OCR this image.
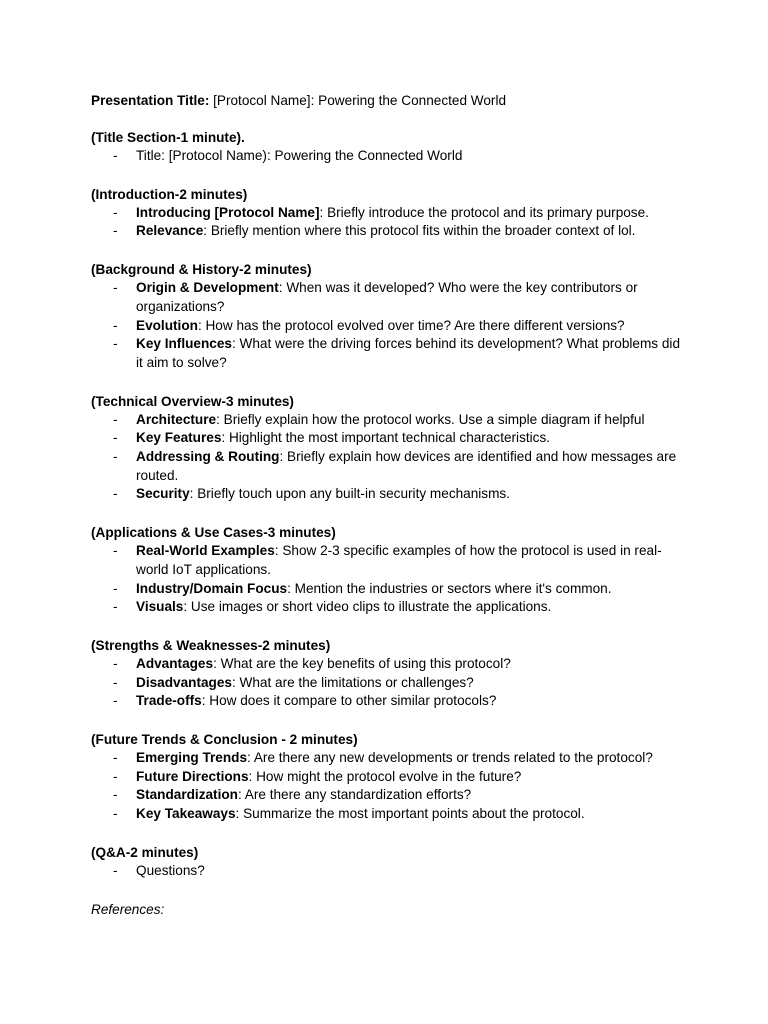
Presentation Title: [Protocol Name]: Powering the Connected World

(Title Section-1 minute).

- Title: [Protocol Name): Powering the Connected World

(Introduction-2 minutes)

- Introducing [Protocol Name]: Briefly introduce the protocol and its primary purpose.
- Relevance: Briefly mention where this protocol fits within the broader context of lol.

(Background & History-2 minutes)

- Origin & Development: When was it developed? Who were the key contributors or organizations?
- Evolution: How has the protocol evolved over time? Are there different versions?
- Key Influences: What were the driving forces behind its development? What problems did it aim to solve?

(Technical Overview-3 minutes)

- Architecture: Briefly explain how the protocol works. Use a simple diagram if helpful
- Key Features: Highlight the most important technical characteristics.
- Addressing & Routing: Briefly explain how devices are identified and how messages are routed.
- Security: Briefly touch upon any built-in security mechanisms.

(Applications & Use Cases-3 minutes)

- Real-World Examples: Show 2-3 specific examples of how the protocol is used in real-world IoT applications.
- Industry/Domain Focus: Mention the industries or sectors where it's common.
- Visuals: Use images or short video clips to illustrate the applications.

(Strengths & Weaknesses-2 minutes)

- Advantages: What are the key benefits of using this protocol?
- Disadvantages: What are the limitations or challenges?
- Trade-offs: How does it compare to other similar protocols?

(Future Trends & Conclusion - 2 minutes)

- Emerging Trends: Are there any new developments or trends related to the protocol?
- Future Directions: How might the protocol evolve in the future?
- Standardization: Are there any standardization efforts?
- Key Takeaways: Summarize the most important points about the protocol.

(Q&A-2 minutes)

- Questions?

References:
